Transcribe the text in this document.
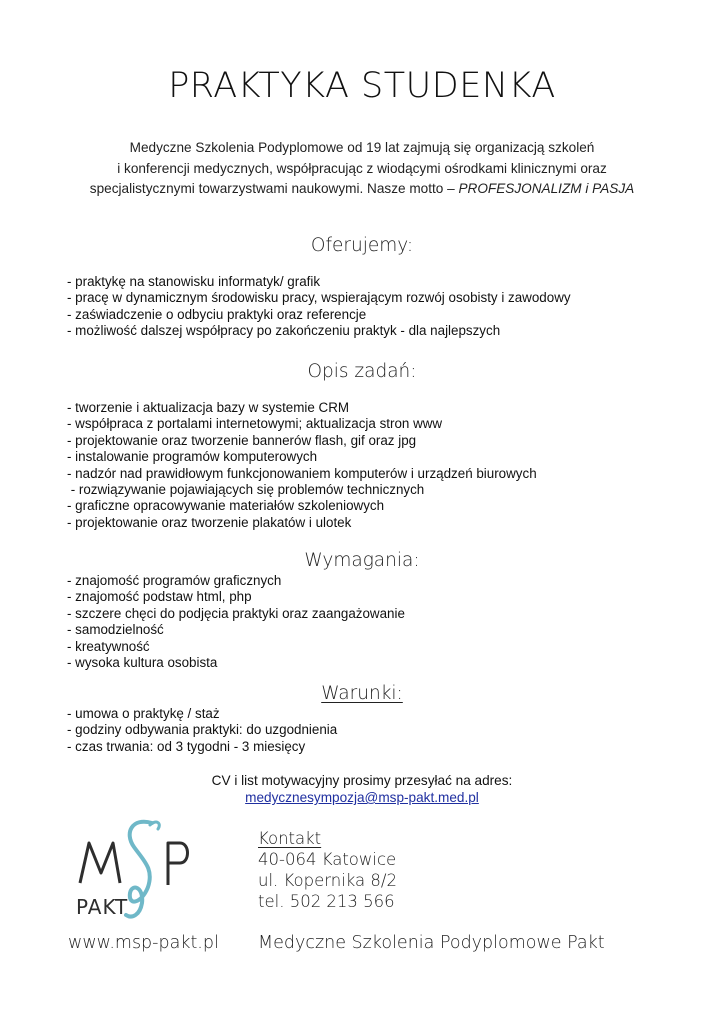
PRAKTYKA STUDENKA
Medyczne Szkolenia Podyplomowe od 19 lat zajmują się organizacją szkoleń
i konferencji medycznych, współpracując z wiodącymi ośrodkami klinicznymi oraz
specjalistycznymi towarzystwami naukowymi. Nasze motto – PROFESJONALIZM i PASJA
Oferujemy:
- praktykę na stanowisku informatyk/ grafik
- pracę w dynamicznym środowisku pracy, wspierającym rozwój osobisty i zawodowy
- zaświadczenie o odbyciu praktyki oraz referencje
- możliwość dalszej współpracy po zakończeniu praktyk - dla najlepszych
Opis zadań:
- tworzenie i aktualizacja bazy w systemie CRM
- współpraca z portalami internetowymi; aktualizacja stron www
- projektowanie oraz tworzenie bannerów flash, gif oraz jpg
- instalowanie programów komputerowych
- nadzór nad prawidłowym funkcjonowaniem komputerów i urządzeń biurowych
- rozwiązywanie pojawiających się problemów technicznych
- graficzne opracowywanie materiałów szkoleniowych
- projektowanie oraz tworzenie plakatów i ulotek
Wymagania:
- znajomość programów graficznych
- znajomość podstaw html, php
- szczere chęci do podjęcia praktyki oraz zaangażowanie
- samodzielność
- kreatywność
- wysoka kultura osobista
Warunki:
- umowa o praktykę / staż
- godziny odbywania praktyki: do uzgodnienia
- czas trwania: od 3 tygodni - 3 miesięcy
CV i list motywacyjny prosimy przesyłać na adres:
medycznesympozja@msp-pakt.med.pl
PAKT
Kontakt
40-064 Katowice
ul. Kopernika 8/2
tel. 502 213 566
www.msp-pakt.pl Medyczne Szkolenia Podyplomowe Pakt
